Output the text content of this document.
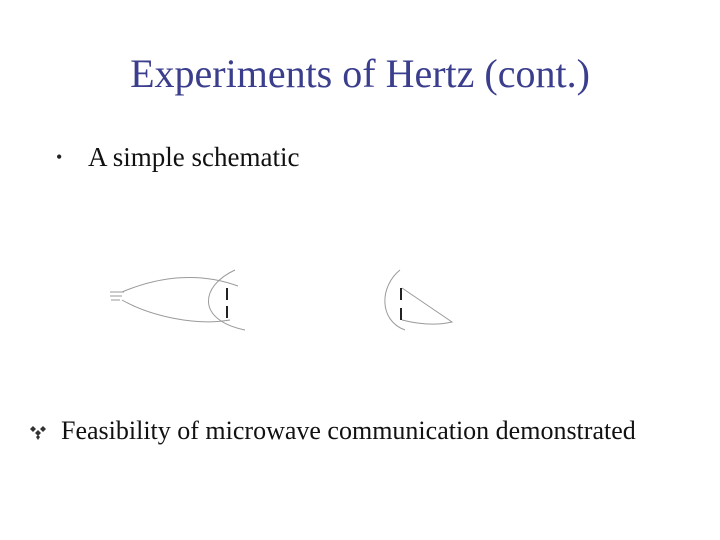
Experiments of Hertz (cont.)
• A simple schematic
Feasibility of microwave communication demonstrated
